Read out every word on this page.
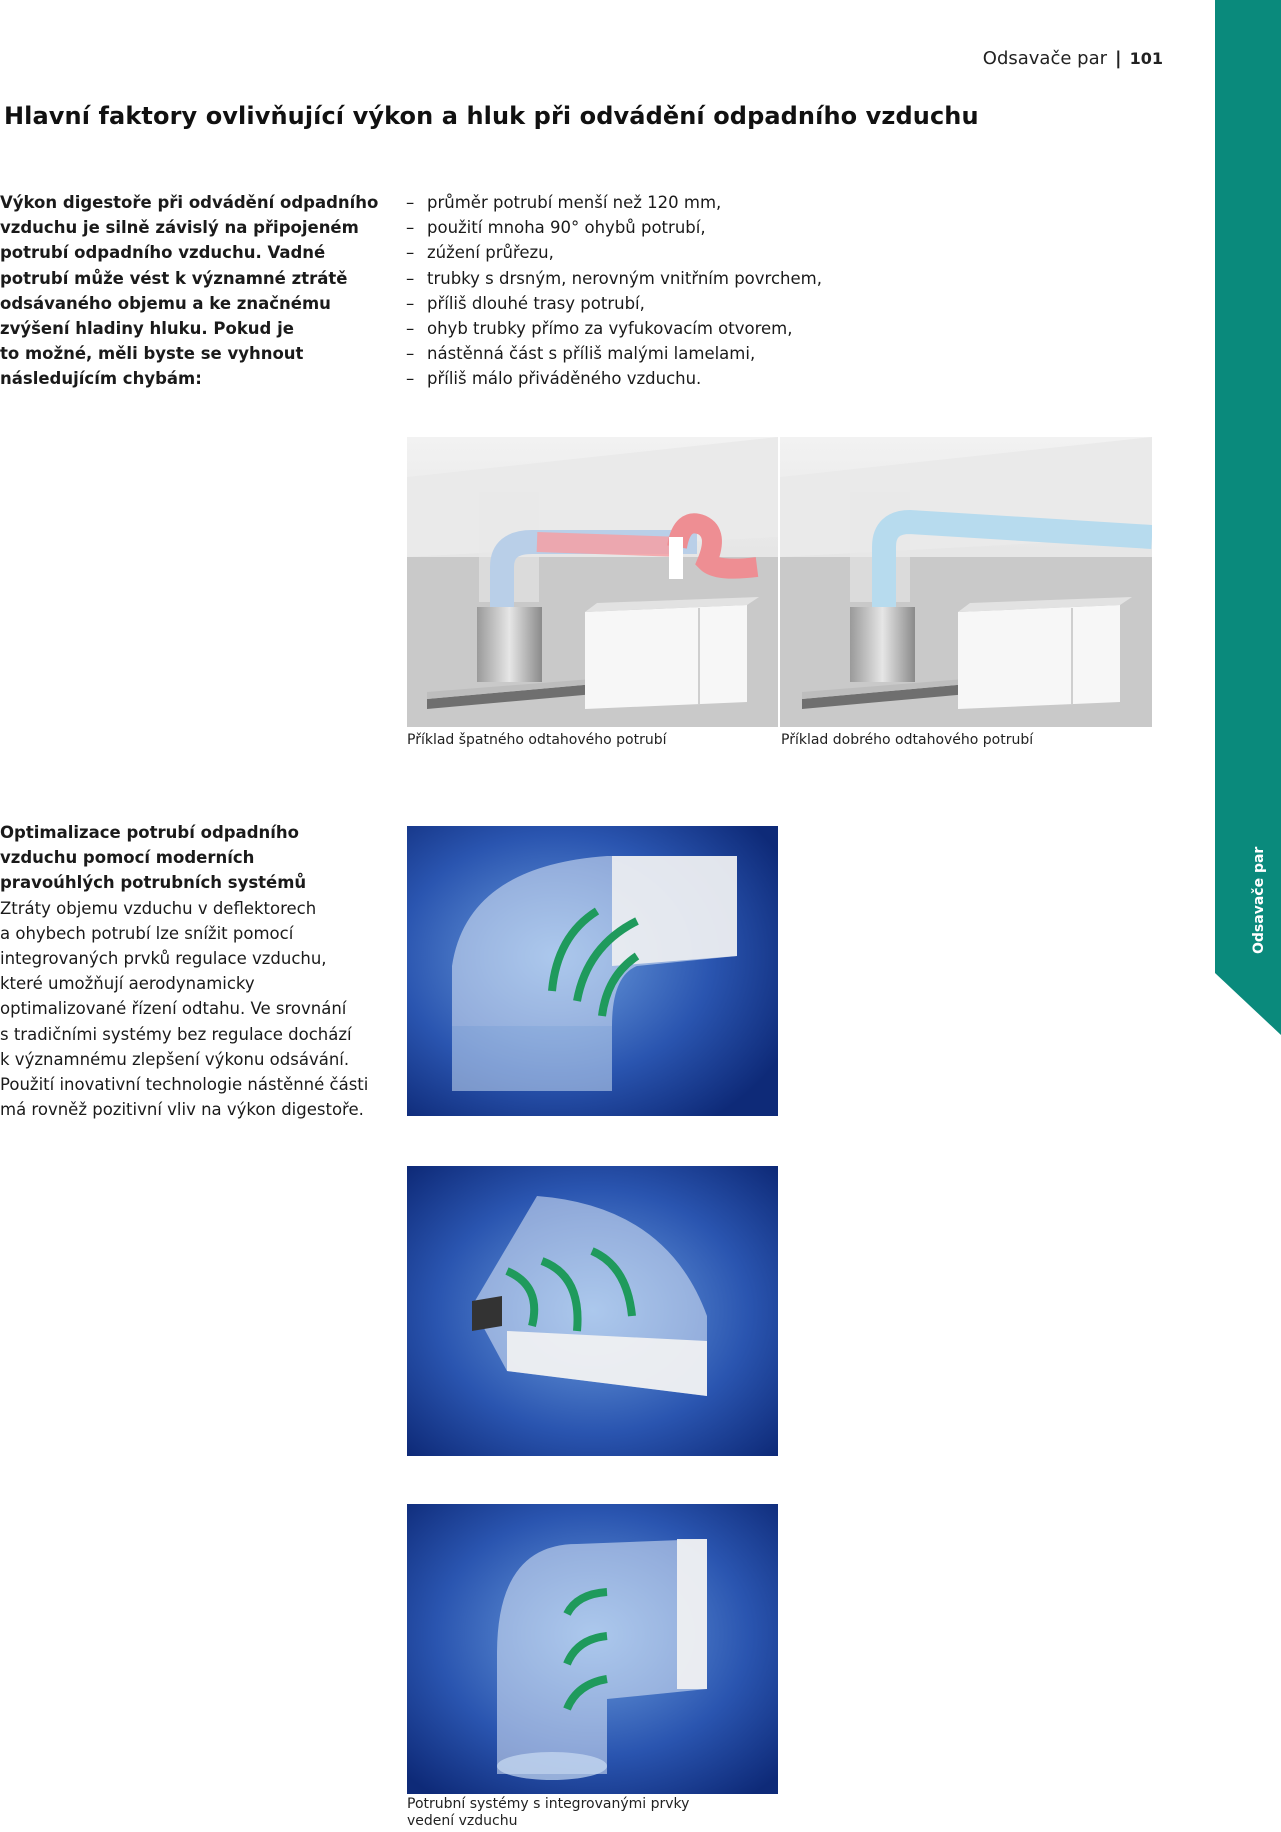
Odsavače par | 101
Hlavní faktory ovlivňující výkon a hluk při odvádění odpadního vzduchu
Výkon digestoře při odvádění odpadního
vzduchu je silně závislý na připojeném
potrubí odpadního vzduchu. Vadné
potrubí může vést k významné ztrátě
odsávaného objemu a ke značnému
zvýšení hladiny hluku. Pokud je
to možné, měli byste se vyhnout
následujícím chybám:
– průměr potrubí menší než 120 mm,
– použití mnoha 90° ohybů potrubí,
– zúžení průřezu,
– trubky s drsným, nerovným vnitřním povrchem,
– příliš dlouhé trasy potrubí,
– ohyb trubky přímo za vyfukovacím otvorem,
– nástěnná část s příliš malými lamelami,
– příliš málo přiváděného vzduchu.
Příklad špatného odtahového potrubí	Příklad dobrého odtahového potrubí
Optimalizace potrubí odpadního
vzduchu pomocí moderních
pravoúhlých potrubních systémů
Ztráty objemu vzduchu v deflektorech
a ohybech potrubí lze snížit pomocí
integrovaných prvků regulace vzduchu,
které umožňují aerodynamicky
optimalizované řízení odtahu. Ve srovnání
s tradičními systémy bez regulace dochází
k významnému zlepšení výkonu odsávání.
Použití inovativní technologie nástěnné části
má rovněž pozitivní vliv na výkon digestoře.
Potrubní systémy s integrovanými prvky
vedení vzduchu
Odsavače par
